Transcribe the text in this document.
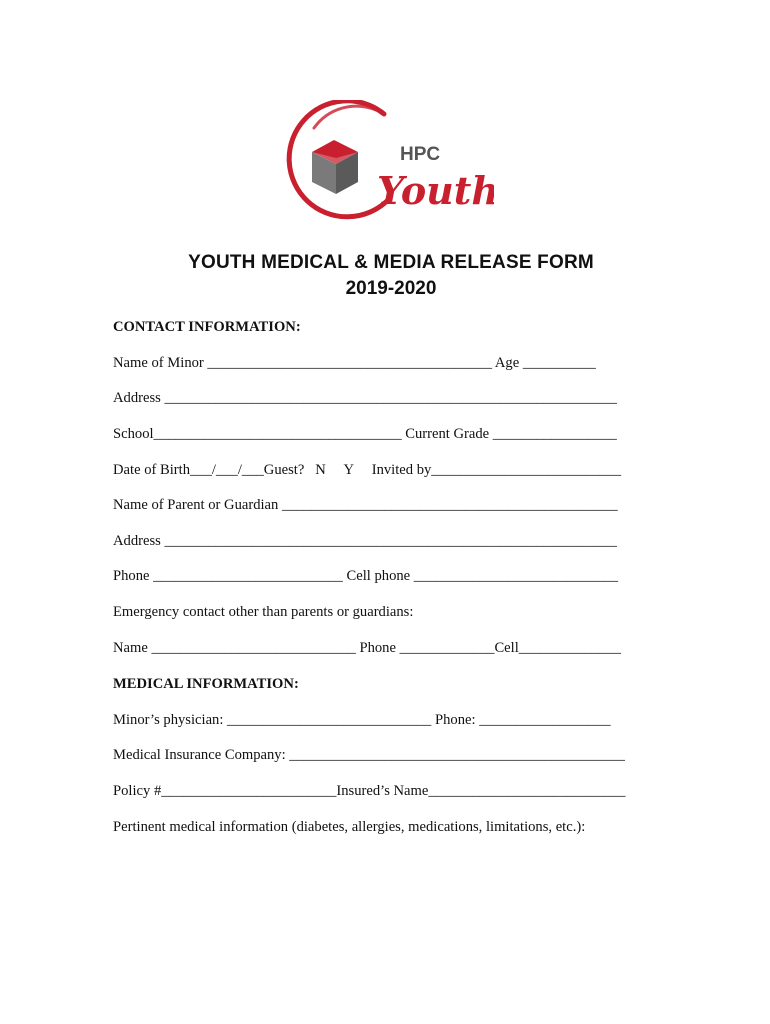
HPC
Youth
YOUTH MEDICAL & MEDIA RELEASE FORM
2019-2020
CONTACT INFORMATION:
Name of Minor _______________________________________ Age __________
Address ______________________________________________________________
School__________________________________ Current Grade _________________
Date of Birth___/___/___Guest?   N     Y     Invited by__________________________
Name of Parent or Guardian ______________________________________________
Address ______________________________________________________________
Phone __________________________ Cell phone ____________________________
Emergency contact other than parents or guardians:
Name ____________________________ Phone _____________Cell______________
MEDICAL INFORMATION:
Minor’s physician: ____________________________ Phone: __________________
Medical Insurance Company: ______________________________________________
Policy #________________________Insured’s Name___________________________
Pertinent medical information (diabetes, allergies, medications, limitations, etc.):
